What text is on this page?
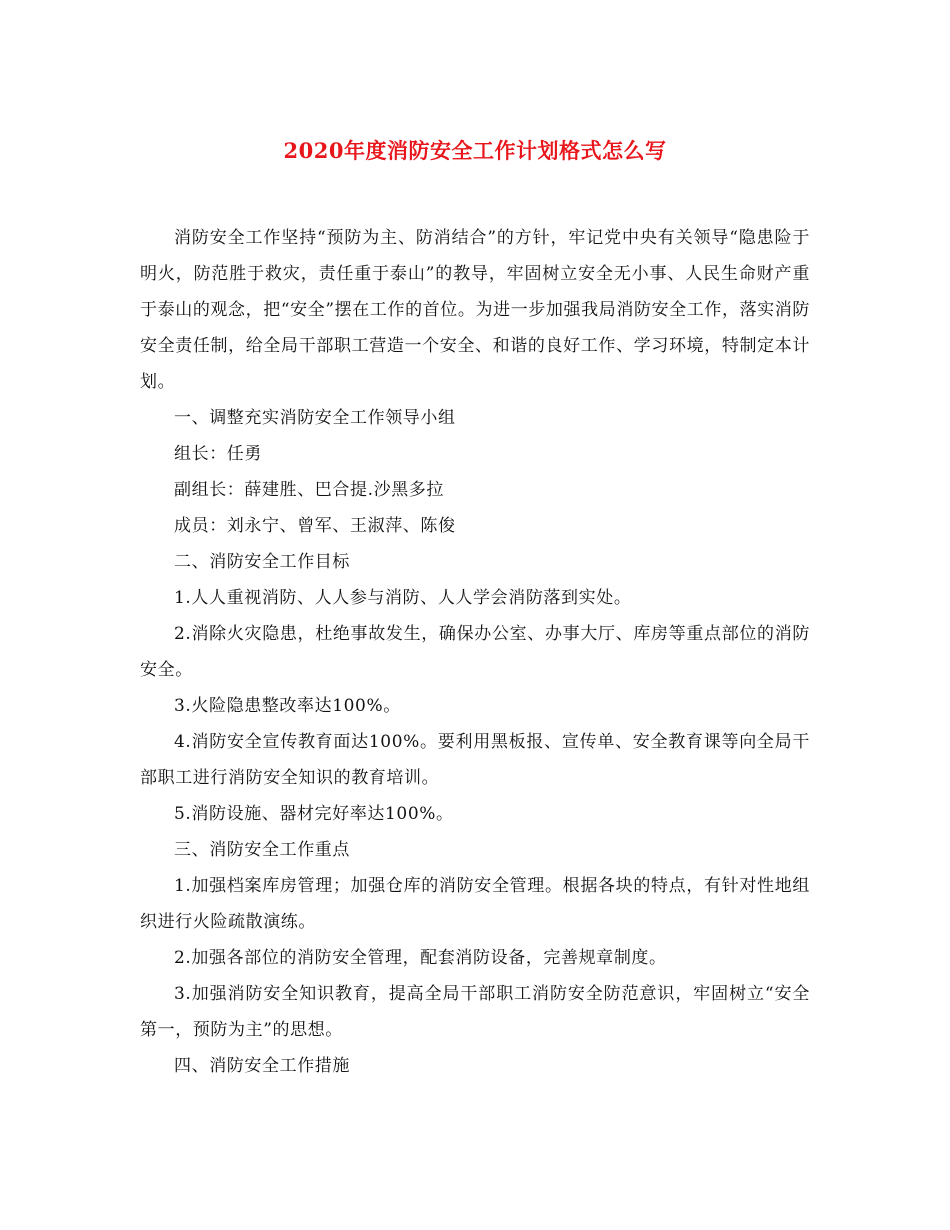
2020年度消防安全工作计划格式怎么写

消防安全工作坚持“预防为主、防消结合”的方针，牢记党中央有关领导“隐患险于明火，防范胜于救灾，责任重于泰山”的教导，牢固树立安全无小事、人民生命财产重于泰山的观念，把“安全”摆在工作的首位。为进一步加强我局消防安全工作，落实消防安全责任制，给全局干部职工营造一个安全、和谐的良好工作、学习环境，特制定本计划。

一、调整充实消防安全工作领导小组

组长：任勇

副组长：薛建胜、巴合提.沙黑多拉

成员：刘永宁、曾军、王淑萍、陈俊

二、消防安全工作目标

1.人人重视消防、人人参与消防、人人学会消防落到实处。

2.消除火灾隐患，杜绝事故发生，确保办公室、办事大厅、库房等重点部位的消防安全。

3.火险隐患整改率达100%。

4.消防安全宣传教育面达100%。要利用黑板报、宣传单、安全教育课等向全局干部职工进行消防安全知识的教育培训。

5.消防设施、器材完好率达100%。

三、消防安全工作重点

1.加强档案库房管理；加强仓库的消防安全管理。根据各块的特点，有针对性地组织进行火险疏散演练。

2.加强各部位的消防安全管理，配套消防设备，完善规章制度。

3.加强消防安全知识教育，提高全局干部职工消防安全防范意识，牢固树立“安全第一，预防为主”的思想。

四、消防安全工作措施
